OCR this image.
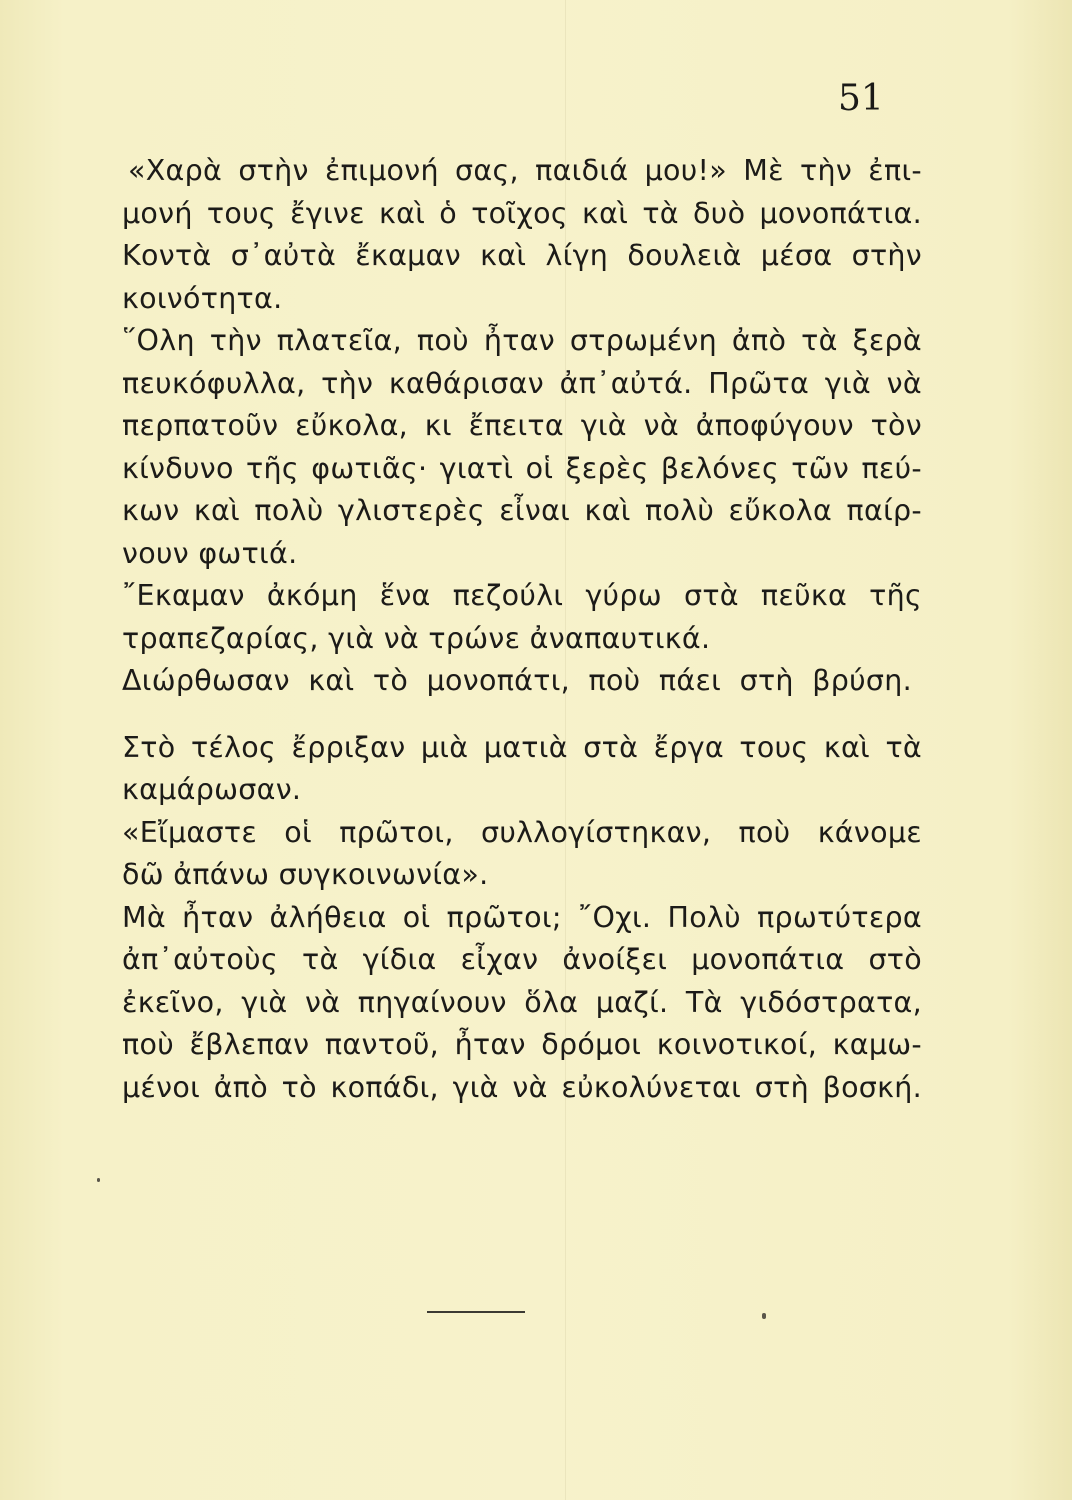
51
«Χαρὰ στὴν ἐπιμονή σας, παιδιά μου!» Μὲ τὴν ἐπι-
μονή τους ἔγινε καὶ ὁ τοῖχος καὶ τὰ δυὸ μονοπάτια.
Κοντὰ σ᾽αὐτὰ ἔκαμαν καὶ λίγη δουλειὰ μέσα στὴν
κοινότητα.
῞Ολη τὴν πλατεῖα, ποὺ ἦταν στρωμένη ἀπὸ τὰ ξερὰ
πευκόφυλλα, τὴν καθάρισαν ἀπ᾽αὐτά. Πρῶτα γιὰ νὰ
περπατοῦν εὔκολα, κι ἔπειτα γιὰ νὰ ἀποφύγουν τὸν
κίνδυνο τῆς φωτιᾶς· γιατὶ οἱ ξερὲς βελόνες τῶν πεύ-
κων καὶ πολὺ γλιστερὲς εἶναι καὶ πολὺ εὔκολα παίρ-
νουν φωτιά.
῎Εκαμαν ἀκόμη ἕνα πεζούλι γύρω στὰ πεῦκα τῆς
τραπεζαρίας, γιὰ νὰ τρώνε ἀναπαυτικά.
Διώρθωσαν καὶ τὸ μονοπάτι, ποὺ πάει στὴ βρύση.
Στὸ τέλος ἔρριξαν μιὰ ματιὰ στὰ ἔργα τους καὶ τὰ
καμάρωσαν.
«Εἴμαστε οἱ πρῶτοι, συλλογίστηκαν, ποὺ κάνομε
δῶ ἀπάνω συγκοινωνία».
Μὰ ἦταν ἀλήθεια οἱ πρῶτοι; ῎Οχι. Πολὺ πρωτύτερα
ἀπ᾽αὐτοὺς τὰ γίδια εἶχαν ἀνοίξει μονοπάτια στὸ
ἐκεῖνο, γιὰ νὰ πηγαίνουν ὅλα μαζί. Τὰ γιδόστρατα,
ποὺ ἔβλεπαν παντοῦ, ἦταν δρόμοι κοινοτικοί, καμω-
μένοι ἀπὸ τὸ κοπάδι, γιὰ νὰ εὐκολύνεται στὴ βοσκή.
